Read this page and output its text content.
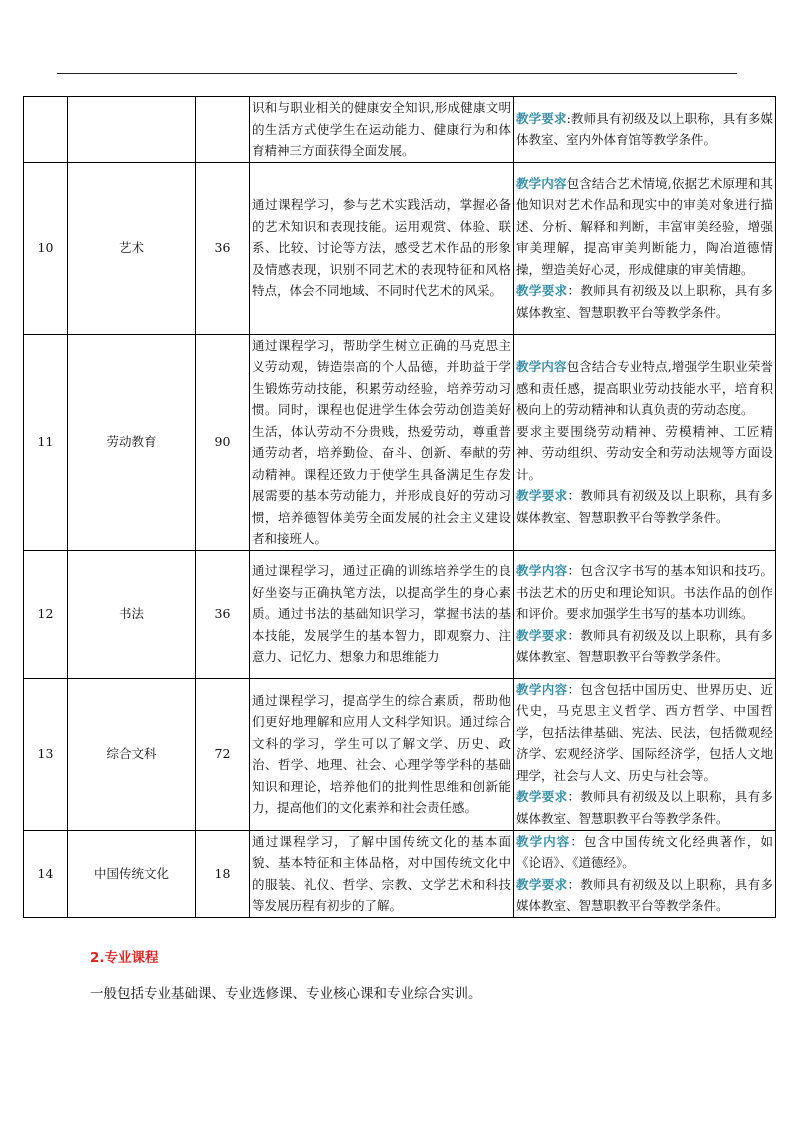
			识和与职业相关的健康安全知识,形成健康文明的生活方式使学生在运动能力、健康行为和体育精神三方面获得全面发展。	教学要求:教师具有初级及以上职称，具有多媒体教室、室内外体育馆等教学条件。

10	艺术	36	通过课程学习，参与艺术实践活动，掌握必备的艺术知识和表现技能。运用观赏、体验、联系、比较、讨论等方法，感受艺术作品的形象及情感表现，识别不同艺术的表现特征和风格特点，体会不同地域、不同时代艺术的风采。	教学内容包含结合艺术情境,依据艺术原理和其他知识对艺术作品和现实中的审美对象进行描述、分析、解释和判断，丰富审美经验，增强审美理解，提高审美判断能力，陶冶道德情操，塑造美好心灵，形成健康的审美情趣。
教学要求：教师具有初级及以上职称，具有多媒体教室、智慧职教平台等教学条件。

11	劳动教育	90	通过课程学习，帮助学生树立正确的马克思主义劳动观，铸造崇高的个人品德，并助益于学生锻炼劳动技能，积累劳动经验，培养劳动习惯。同时，课程也促进学生体会劳动创造美好生活，体认劳动不分贵贱，热爱劳动，尊重普通劳动者，培养勤俭、奋斗、创新、奉献的劳动精神。课程还致力于使学生具备满足生存发展需要的基本劳动能力，并形成良好的劳动习惯，培养德智体美劳全面发展的社会主义建设者和接班人。	教学内容包含结合专业特点,增强学生职业荣誉感和责任感，提高职业劳动技能水平，培育积极向上的劳动精神和认真负责的劳动态度。
要求主要围绕劳动精神、劳模精神、工匠精神、劳动组织、劳动安全和劳动法规等方面设计。
教学要求：教师具有初级及以上职称，具有多媒体教室、智慧职教平台等教学条件。

12	书法	36	通过课程学习，通过正确的训练培养学生的良好坐姿与正确执笔方法，以提高学生的身心素质。通过书法的基础知识学习，掌握书法的基本技能，发展学生的基本智力，即观察力、注意力、记忆力、想象力和思维能力	教学内容：包含汉字书写的基本知识和技巧。书法艺术的历史和理论知识。书法作品的创作和评价。要求加强学生书写的基本功训练。
教学要求：教师具有初级及以上职称，具有多媒体教室、智慧职教平台等教学条件。

13	综合文科	72	通过课程学习，提高学生的综合素质，帮助他们更好地理解和应用人文科学知识。通过综合文科的学习，学生可以了解文学、历史、政治、哲学、地理、社会、心理学等学科的基础知识和理论，培养他们的批判性思维和创新能力，提高他们的文化素养和社会责任感。	教学内容：包含包括中国历史、世界历史、近代史，马克思主义哲学、西方哲学、中国哲学，包括法律基础、宪法、民法，包括微观经济学、宏观经济学、国际经济学，包括人文地理学，社会与人文、历史与社会等。
教学要求：教师具有初级及以上职称，具有多媒体教室、智慧职教平台等教学条件。

14	中国传统文化	18	通过课程学习，了解中国传统文化的基本面貌、基本特征和主体品格，对中国传统文化中的服装、礼仪、哲学、宗教、文学艺术和科技等发展历程有初步的了解。	教学内容：包含中国传统文化经典著作，如《论语》、《道德经》。
教学要求：教师具有初级及以上职称，具有多媒体教室、智慧职教平台等教学条件。
2.专业课程
一般包括专业基础课、专业选修课、专业核心课和专业综合实训。
